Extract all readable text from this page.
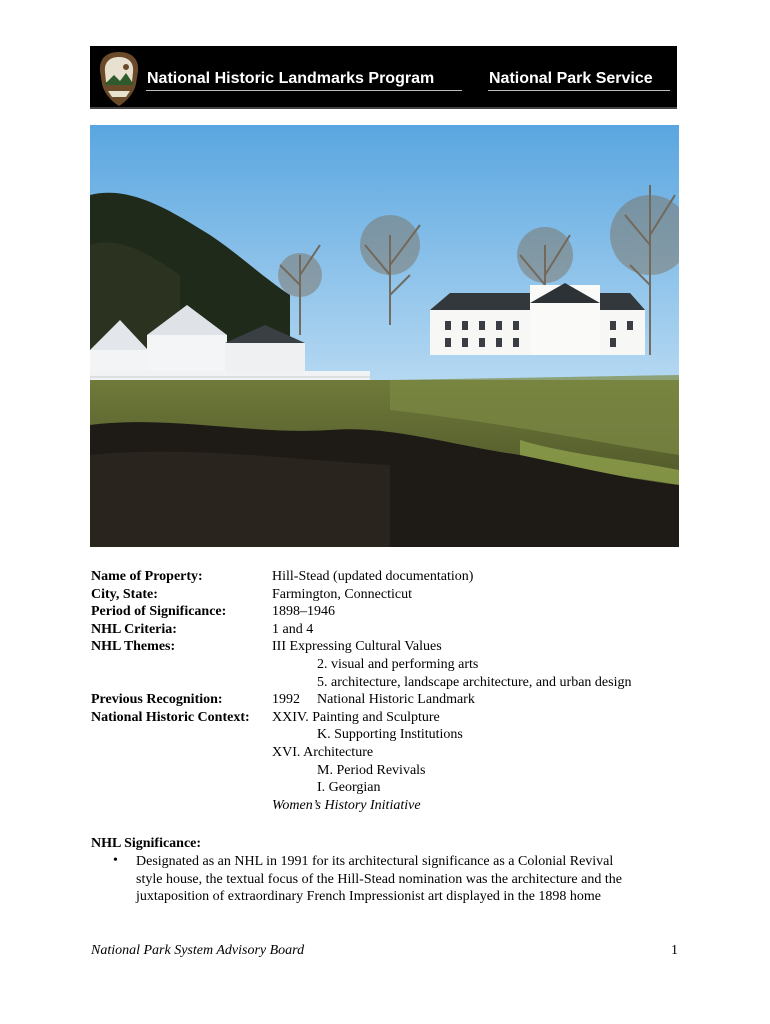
National Historic Landmarks Program	National Park Service
Name of Property:	Hill-Stead (updated documentation)
City, State:	Farmington, Connecticut
Period of Significance:	1898–1946
NHL Criteria:	1 and 4
NHL Themes:	III Expressing Cultural Values
2. visual and performing arts
5. architecture, landscape architecture, and urban design
Previous Recognition:	1992 National Historic Landmark
National Historic Context: XXIV. Painting and Sculpture
K. Supporting Institutions
XVI. Architecture
M. Period Revivals
I. Georgian
Women’s History Initiative
NHL Significance:
• Designated as an NHL in 1991 for its architectural significance as a Colonial Revival
style house, the textual focus of the Hill-Stead nomination was the architecture and the
juxtaposition of extraordinary French Impressionist art displayed in the 1898 home
National Park System Advisory Board	1
